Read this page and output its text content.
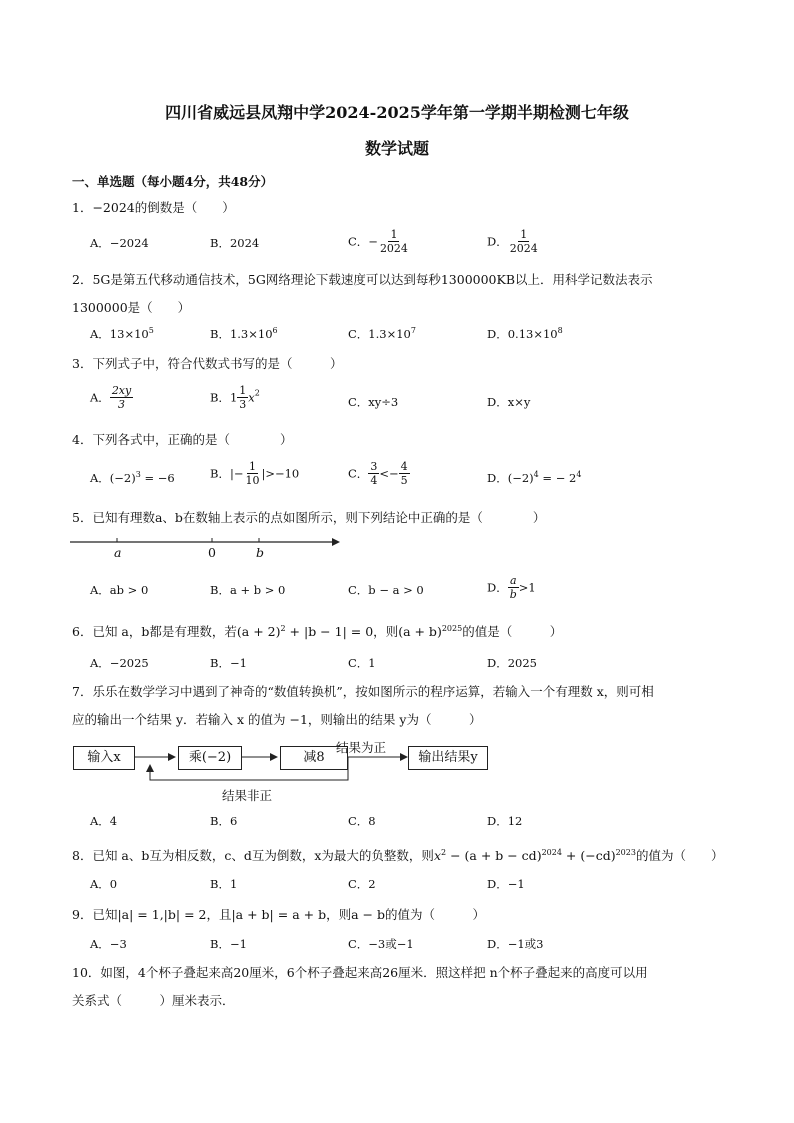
四川省威远县凤翔中学2024-2025学年第一学期半期检测七年级
数学试题
一、单选题（每小题4分，共48分）
1．−2024的倒数是（　　）
A．−2024	B．2024	C．− $\frac{1}{2024}$	D． $\frac{1}{2024}$
2．5G是第五代移动通信技术，5G网络理论下载速度可以达到每秒1300000KB以上．用科学记数法表示
1300000是（　　）
A．$13\times 10^5$	B．$1.3\times 10^6$	C．$1.3\times 10^7$	D．$0.13\times 10^8$
3．下列式子中，符合代数式书写的是（　　　）
A． $\frac{2xy}{3}$	B．$1 \frac{1}{3} x^2$
C．xy÷3	D．x×y
4．下列各式中，正确的是（　　　　）
A．$(-2)^3 = -6$	B．|− $\frac{1}{10} |>-10$	C． $\frac{3}{4} <- \frac{4}{5}$	D．$(-2)^4$ = − $2^4$
5．已知有理数a、b在数轴上表示的点如图所示，则下列结论中正确的是（　　　　）
a	0	b
A．ab > 0	B．a + b > 0	C．b − a > 0	D． $\frac{a}{b} >1$
6．已知 a，b都是有理数，若$(a + 2)^2 + |b - 1| = 0$，则$(a + b)^{2025}$的值是（　　　）
A．−2025	B．−1	C．1	D．2025
7．乐乐在数学学习中遇到了神奇的“数值转换机”，按如图所示的程序运算，若输入一个有理数 x，则可相
应的输出一个结果 y．若输入 x 的值为 −1，则输出的结果 y为（　　　）
输入x	乘(−2)	减8	输出结果y
结果为正
结果非正
A．4	B．6	C．8	D．12
8．已知 a、b互为相反数，c、d互为倒数，x为最大的负整数，则$x^2 - (a + b - cd)^{2024} + (-cd)^{2023}$的值为（　　）
A．0	B．1	C．2	D．−1
9．已知|a| = 1,|b| = 2，且|a + b| = a + b，则a − b的值为（　　　）
A．−3	B．−1	C．−3或−1	D．−1或3
10．如图，4个杯子叠起来高20厘米，6个杯子叠起来高26厘米．照这样把 n个杯子叠起来的高度可以用
关系式（　　　）厘米表示．
